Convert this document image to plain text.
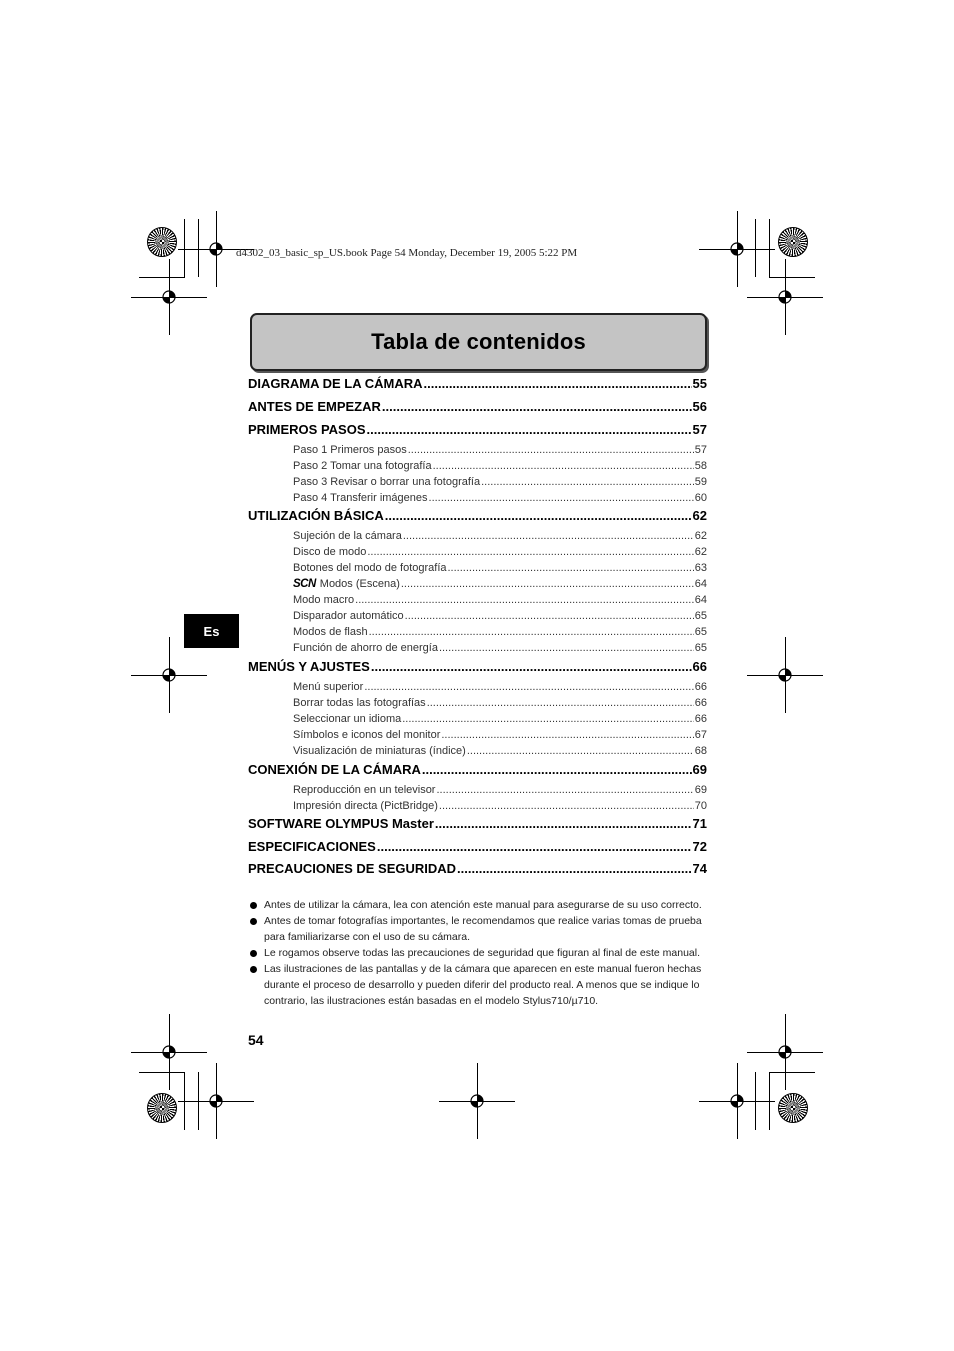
d4302_03_basic_sp_US.book Page 54 Monday, December 19, 2005 5:22 PM
Tabla de contenidos
Es
DIAGRAMA DE LA CÁMARA .....	55
ANTES DE EMPEZAR .....	56
PRIMEROS PASOS .....	57
Paso 1 Primeros pasos .....	57
Paso 2 Tomar una fotografía .....	58
Paso 3 Revisar o borrar una fotografía .....	59
Paso 4 Transferir imágenes .....	60
UTILIZACIÓN BÁSICA .....	62
Sujeción de la cámara .....	62
Disco de modo .....	62
Botones del modo de fotografía .....	63
SCN Modos (Escena) .....	64
Modo macro .....	64
Disparador automático .....	65
Modos de flash .....	65
Función de ahorro de energía .....	65
MENÚS Y AJUSTES .....	66
Menú superior .....	66
Borrar todas las fotografías .....	66
Seleccionar un idioma .....	66
Símbolos e iconos del monitor .....	67
Visualización de miniaturas (índice) .....	68
CONEXIÓN DE LA CÁMARA .....	69
Reproducción en un televisor .....	69
Impresión directa (PictBridge) .....	70
SOFTWARE OLYMPUS Master .....	71
ESPECIFICACIONES .....	72
PRECAUCIONES DE SEGURIDAD .....	74
Antes de utilizar la cámara, lea con atención este manual para asegurarse de su uso correcto.
Antes de tomar fotografías importantes, le recomendamos que realice varias tomas de prueba para familiarizarse con el uso de su cámara.
Le rogamos observe todas las precauciones de seguridad que figuran al final de este manual.
Las ilustraciones de las pantallas y de la cámara que aparecen en este manual fueron hechas durante el proceso de desarrollo y pueden diferir del producto real. A menos que se indique lo contrario, las ilustraciones están basadas en el modelo Stylus710/µ710.
54
